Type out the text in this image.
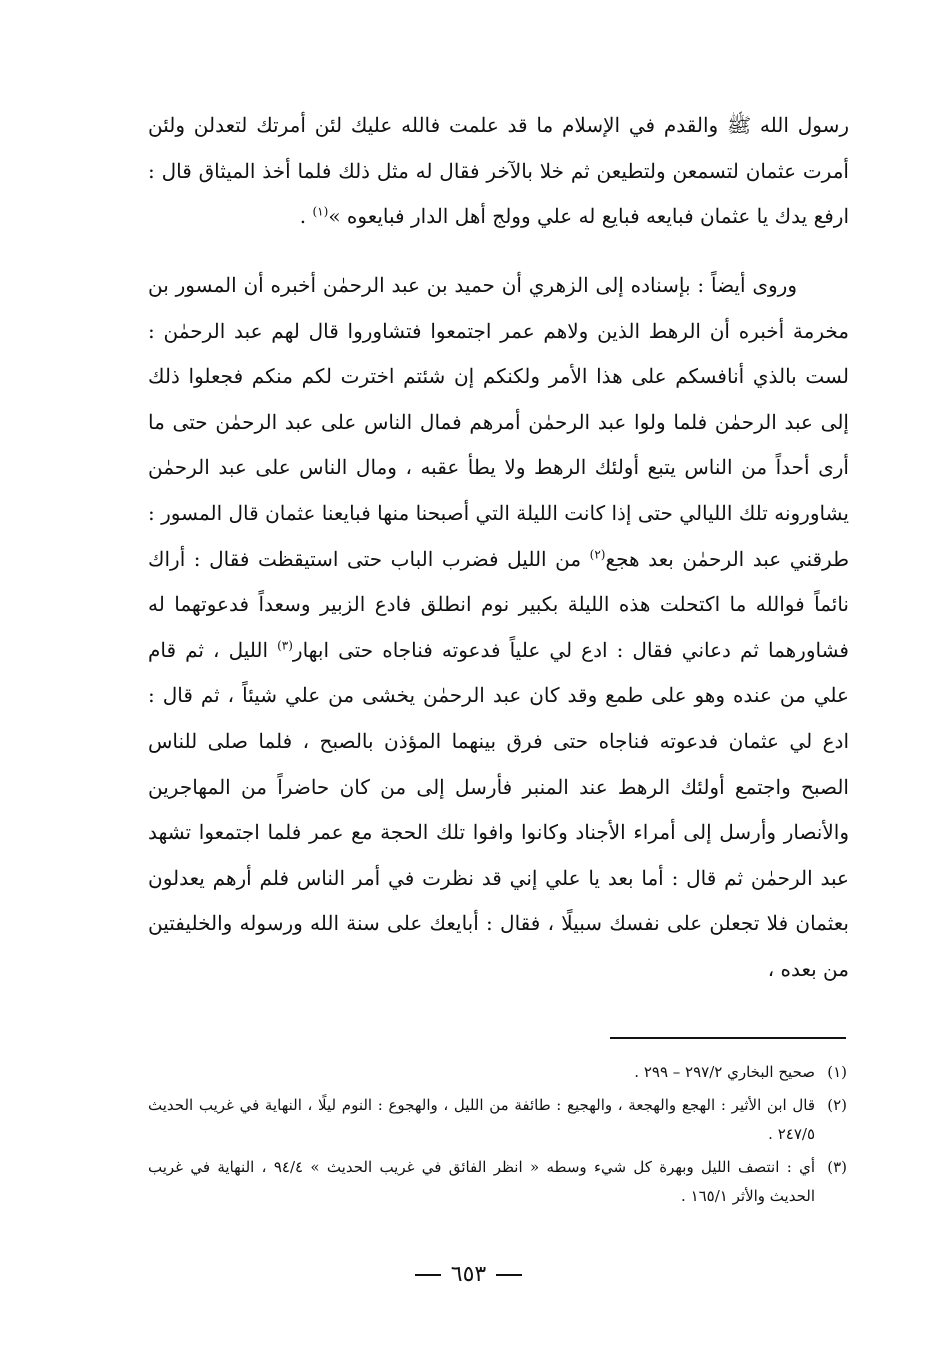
رسول الله ﷺ والقدم في الإسلام ما قد علمت فالله عليك لئن أمرتك لتعدلن ولئن أمرت عثمان لتسمعن ولتطيعن ثم خلا بالآخر فقال له مثل ذلك فلما أخذ الميثاق قال : ارفع يدك يا عثمان فبايعه فبايع له علي وولج أهل الدار فبايعوه »$^{(١)}$ .

وروى أيضاً : بإسناده إلى الزهري أن حميد بن عبد الرحمٰن أخبره أن المسور بن مخرمة أخبره أن الرهط الذين ولاهم عمر اجتمعوا فتشاوروا قال لهم عبد الرحمٰن : لست بالذي أنافسكم على هذا الأمر ولكنكم إن شئتم اخترت لكم منكم فجعلوا ذلك إلى عبد الرحمٰن فلما ولوا عبد الرحمٰن أمرهم فمال الناس على عبد الرحمٰن حتى ما أرى أحداً من الناس يتبع أولئك الرهط ولا يطأ عقبه ، ومال الناس على عبد الرحمٰن يشاورونه تلك الليالي حتى إذا كانت الليلة التي أصبحنا منها فبايعنا عثمان قال المسور : طرقني عبد الرحمٰن بعد هجع$^{(٢)}$ من الليل فضرب الباب حتى استيقظت فقال : أراك نائماً فوالله ما اكتحلت هذه الليلة بكبير نوم انطلق فادع الزبير وسعداً فدعوتهما له فشاورهما ثم دعاني فقال : ادع لي علياً فدعوته فناجاه حتى ابهار$^{(٣)}$ الليل ، ثم قام علي من عنده وهو على طمع وقد كان عبد الرحمٰن يخشى من علي شيئاً ، ثم قال : ادع لي عثمان فدعوته فناجاه حتى فرق بينهما المؤذن بالصبح ، فلما صلى للناس الصبح واجتمع أولئك الرهط عند المنبر فأرسل إلى من كان حاضراً من المهاجرين والأنصار وأرسل إلى أمراء الأجناد وكانوا وافوا تلك الحجة مع عمر فلما اجتمعوا تشهد عبد الرحمٰن ثم قال : أما بعد يا علي إني قد نظرت في أمر الناس فلم أرهم يعدلون بعثمان فلا تجعلن على نفسك سبيلًا ، فقال : أبايعك على سنة الله ورسوله والخليفتين من بعده ،

(١)
صحيح البخاري ٢٩٧/٢ – ٢٩٩ .
(٢)
قال ابن الأثير : الهجع والهجعة ، والهجيع : طائفة من الليل ، والهجوع : النوم ليلًا ، النهاية في غريب الحديث ٢٤٧/٥ .
(٣)
أي : انتصف الليل وبهرة كل شيء وسطه « انظر الفائق في غريب الحديث » ٩٤/٤ ، النهاية في غريب الحديث والأثر ١٦٥/١ .
٦٥٣
